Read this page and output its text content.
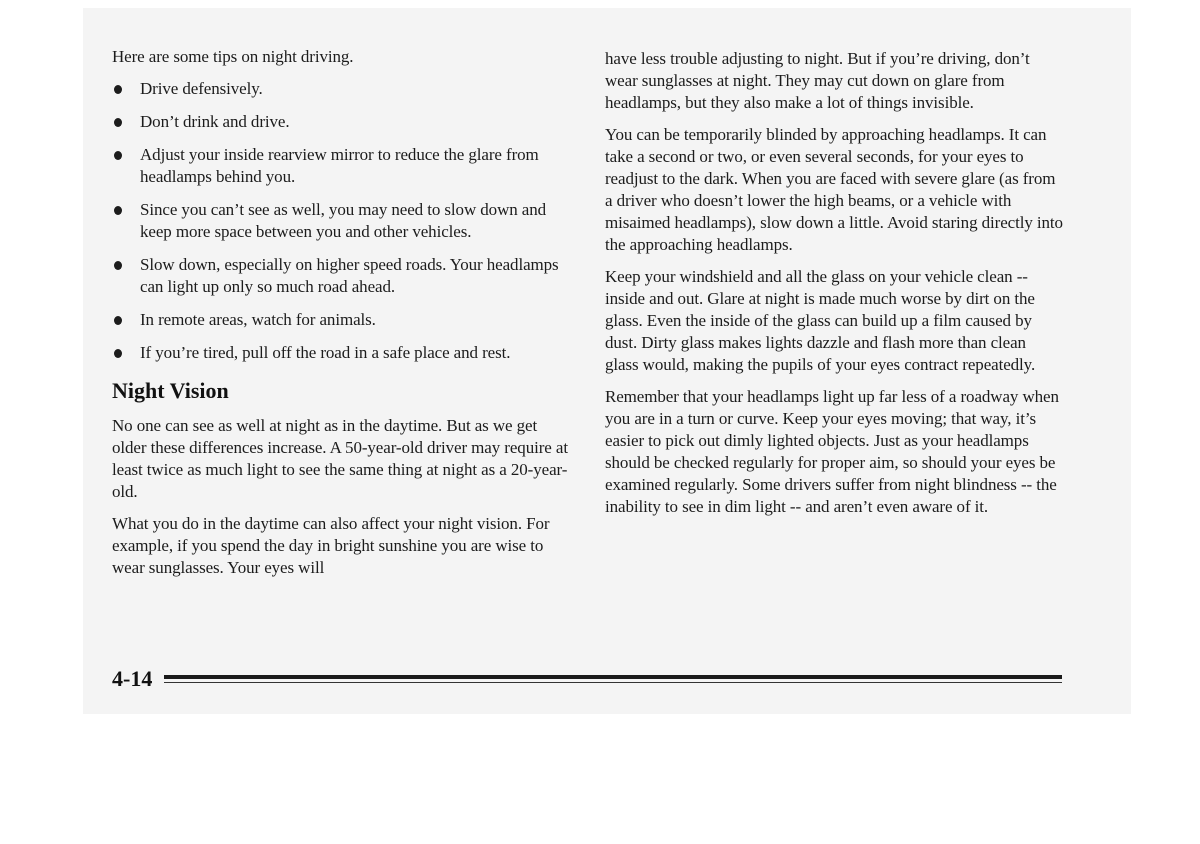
Here are some tips on night driving.

Drive defensively.
Don’t drink and drive.
Adjust your inside rearview mirror to reduce the glare from headlamps behind you.
Since you can’t see as well, you may need to slow down and keep more space between you and other vehicles.
Slow down, especially on higher speed roads. Your headlamps can light up only so much road ahead.
In remote areas, watch for animals.
If you’re tired, pull off the road in a safe place and rest.
Night Vision

No one can see as well at night as in the daytime. But as we get older these differences increase. A 50-year-old driver may require at least twice as much light to see the same thing at night as a 20-year-old.

What you do in the daytime can also affect your night vision. For example, if you spend the day in bright sunshine you are wise to wear sunglasses. Your eyes will

have less trouble adjusting to night. But if you’re driving, don’t wear sunglasses at night. They may cut down on glare from headlamps, but they also make a lot of things invisible.

You can be temporarily blinded by approaching headlamps. It can take a second or two, or even several seconds, for your eyes to readjust to the dark. When you are faced with severe glare (as from a driver who doesn’t lower the high beams, or a vehicle with misaimed headlamps), slow down a little. Avoid staring directly into the approaching headlamps.

Keep your windshield and all the glass on your vehicle clean -- inside and out. Glare at night is made much worse by dirt on the glass. Even the inside of the glass can build up a film caused by dust. Dirty glass makes lights dazzle and flash more than clean glass would, making the pupils of your eyes contract repeatedly.

Remember that your headlamps light up far less of a roadway when you are in a turn or curve. Keep your eyes moving; that way, it’s easier to pick out dimly lighted objects. Just as your headlamps should be checked regularly for proper aim, so should your eyes be examined regularly. Some drivers suffer from night blindness -- the inability to see in dim light -- and aren’t even aware of it.

4-14
